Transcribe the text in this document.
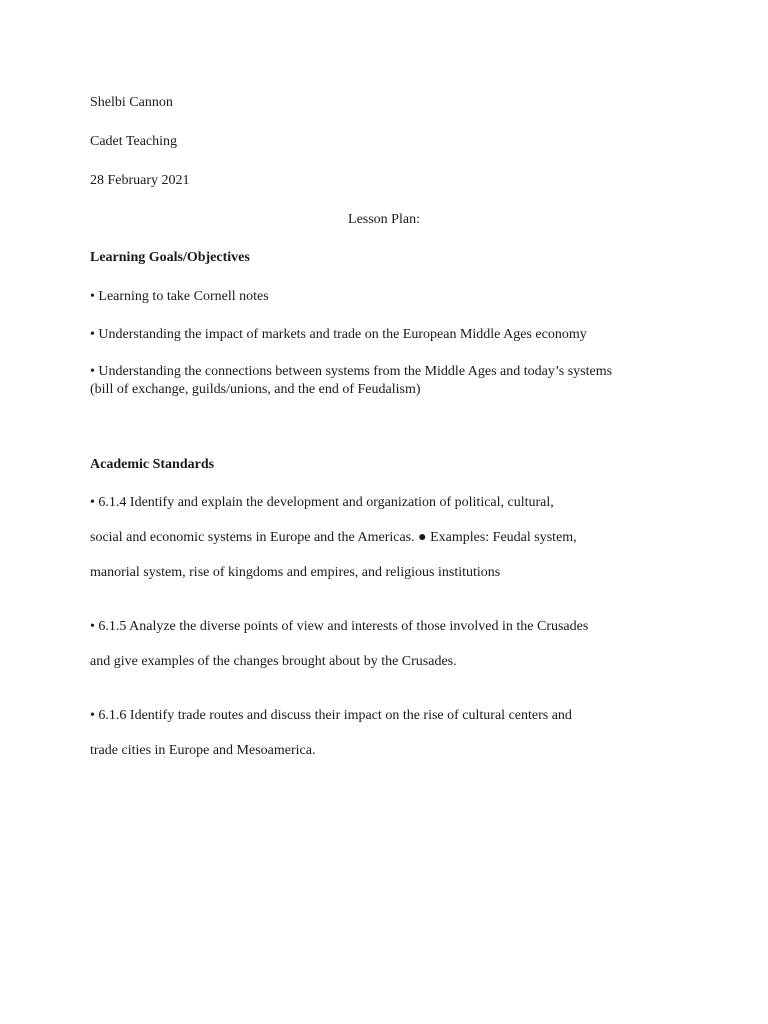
Shelbi Cannon
Cadet Teaching
28 February 2021
Lesson Plan:
Learning Goals/Objectives
• Learning to take Cornell notes
• Understanding the impact of markets and trade on the European Middle Ages economy
• Understanding the connections between systems from the Middle Ages and today’s systems
(bill of exchange, guilds/unions, and the end of Feudalism)
Academic Standards
• 6.1.4 Identify and explain the development and organization of political, cultural,
social and economic systems in Europe and the Americas. ● Examples: Feudal system,
manorial system, rise of kingdoms and empires, and religious institutions
• 6.1.5 Analyze the diverse points of view and interests of those involved in the Crusades
and give examples of the changes brought about by the Crusades.
• 6.1.6 Identify trade routes and discuss their impact on the rise of cultural centers and
trade cities in Europe and Mesoamerica.
